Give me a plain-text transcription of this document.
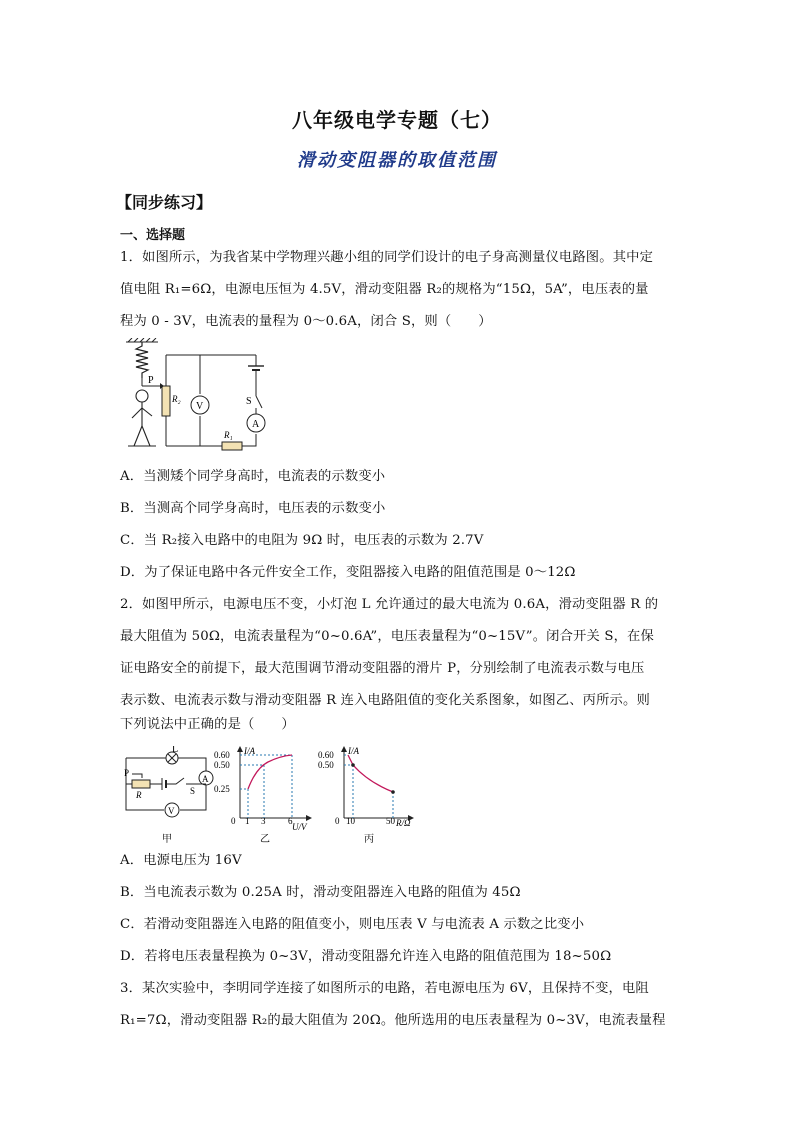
八年级电学专题（七）
滑动变阻器的取值范围
【同步练习】
一、选择题
1．如图所示，为我省某中学物理兴趣小组的同学们设计的电子身高测量仪电路图。其中定
值电阻 R₁=6Ω，电源电压恒为 4.5V，滑动变阻器 R₂的规格为“15Ω，5A”，电压表的量
程为 0 - 3V，电流表的量程为 0～0.6A，闭合 S，则（　　）
S
A
V
R₂
R₁
P
A．当测矮个同学身高时，电流表的示数变小
B．当测高个同学身高时，电压表的示数变小
C．当 R₂接入电路中的电阻为 9Ω 时，电压表的示数为 2.7V
D．为了保证电路中各元件安全工作，变阻器接入电路的阻值范围是 0～12Ω
2．如图甲所示，电源电压不变，小灯泡 L 允许通过的最大电流为 0.6A，滑动变阻器 R 的
最大阻值为 50Ω，电流表量程为“0~0.6A”，电压表量程为“0~15V”。闭合开关 S，在保
证电路安全的前提下，最大范围调节滑动变阻器的滑片 P，分别绘制了电流表示数与电压
表示数、电流表示数与滑动变阻器 R 连入电路阻值的变化关系图象，如图乙、丙所示。则
下列说法中正确的是（　　）
L
A
V
R
P
S
甲
I/A
U/V
0.60
0.50
0.25
0 1 3	6
乙
I/A
R/Ω
0.60
0.50
0 10	50
丙
A．电源电压为 16V
B．当电流表示数为 0.25A 时，滑动变阻器连入电路的阻值为 45Ω
C．若滑动变阻器连入电路的阻值变小，则电压表 V 与电流表 A 示数之比变小
D．若将电压表量程换为 0~3V，滑动变阻器允许连入电路的阻值范围为 18~50Ω
3．某次实验中，李明同学连接了如图所示的电路，若电源电压为 6V，且保持不变，电阻
R₁=7Ω，滑动变阻器 R₂的最大阻值为 20Ω。他所选用的电压表量程为 0~3V，电流表量程
